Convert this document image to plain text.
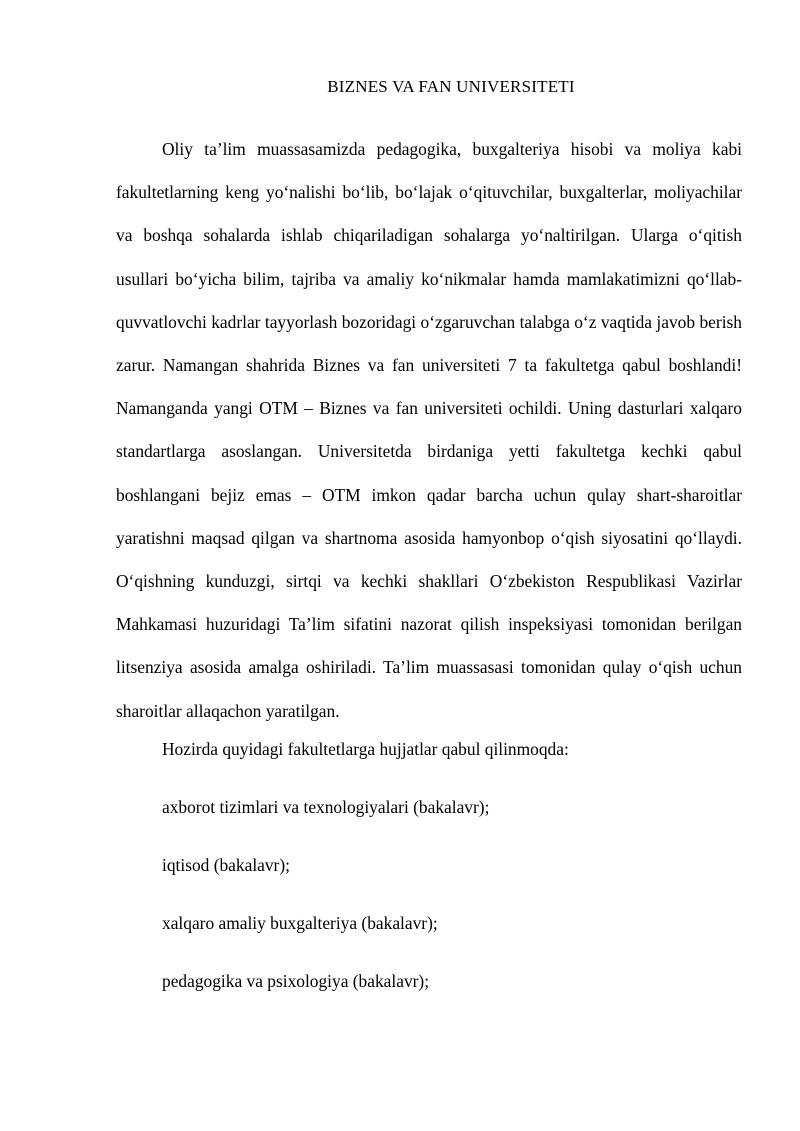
BIZNES VA FAN UNIVERSITETI

Oliy ta’lim muassasamizda pedagogika, buxgalteriya hisobi va moliya kabi fakultetlarning keng yo‘nalishi bo‘lib, bo‘lajak o‘qituvchilar, buxgalterlar, moliyachilar va boshqa sohalarda ishlab chiqariladigan sohalarga yo‘naltirilgan. Ularga o‘qitish usullari bo‘yicha bilim, tajriba va amaliy ko‘nikmalar hamda mamlakatimizni qo‘llab-quvvatlovchi kadrlar tayyorlash bozoridagi o‘zgaruvchan talabga o‘z vaqtida javob berish zarur. Namangan shahrida Biznes va fan universiteti 7 ta fakultetga qabul boshlandi! Namanganda yangi OTM – Biznes va fan universiteti ochildi. Uning dasturlari xalqaro standartlarga asoslangan. Universitetda birdaniga yetti fakultetga kechki qabul boshlangani bejiz emas – OTM imkon qadar barcha uchun qulay shart-sharoitlar yaratishni maqsad qilgan va shartnoma asosida hamyonbop o‘qish siyosatini qo‘llaydi. O‘qishning kunduzgi, sirtqi va kechki shakllari O‘zbekiston Respublikasi Vazirlar Mahkamasi huzuridagi Ta’lim sifatini nazorat qilish inspeksiyasi tomonidan berilgan litsenziya asosida amalga oshiriladi. Ta’lim muassasasi tomonidan qulay o‘qish uchun sharoitlar allaqachon yaratilgan.

Hozirda quyidagi fakultetlarga hujjatlar qabul qilinmoqda:
axborot tizimlari va texnologiyalari (bakalavr);
iqtisod (bakalavr);
xalqaro amaliy buxgalteriya (bakalavr);
pedagogika va psixologiya (bakalavr);
